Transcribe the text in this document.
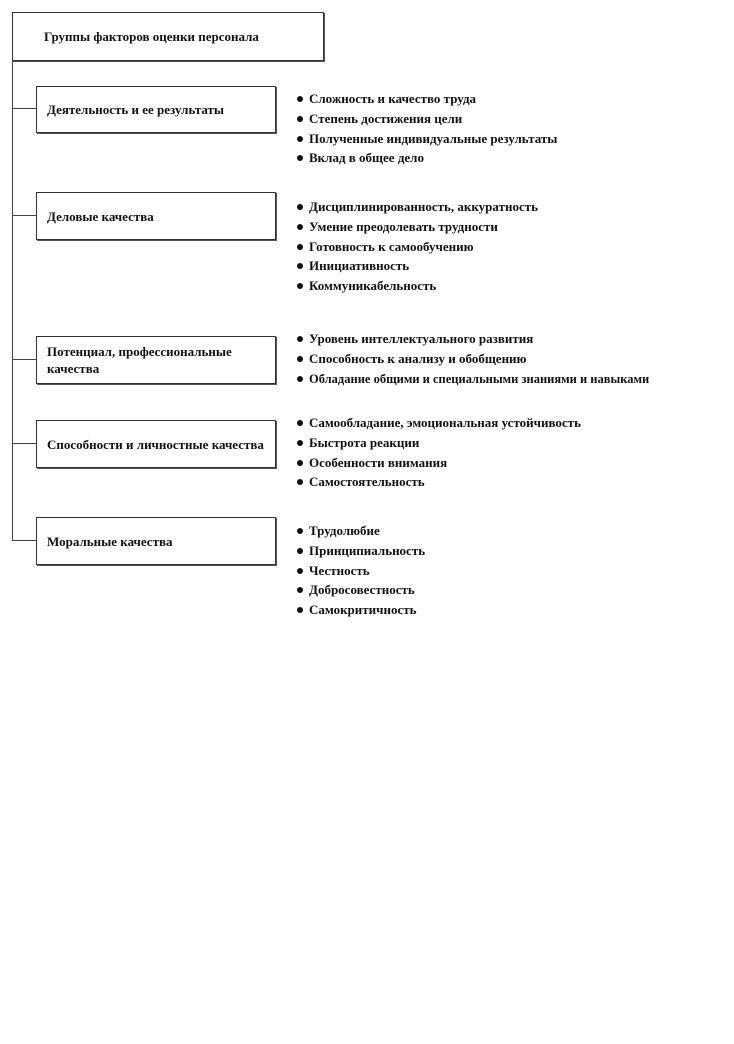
Группы факторов оценки персонала
Деятельность и ее результаты
Сложность и качество труда
Степень достижения цели
Полученные индивидуальные результаты
Вклад в общее дело
Деловые качества
Дисциплинированность, аккуратность
Умение преодолевать трудности
Готовность к самообучению
Инициативность
Коммуникабельность
Потенциал, профессиональные качества
Уровень интеллектуального развития
Способность к анализу и обобщению
Обладание общими и специальными знаниями и навыками
Способности и личностные качества
Самообладание, эмоциональная устойчивость
Быстрота реакции
Особенности внимания
Самостоятельность
Моральные качества
Трудолюбие
Принципиальность
Честность
Добросовестность
Самокритичность
